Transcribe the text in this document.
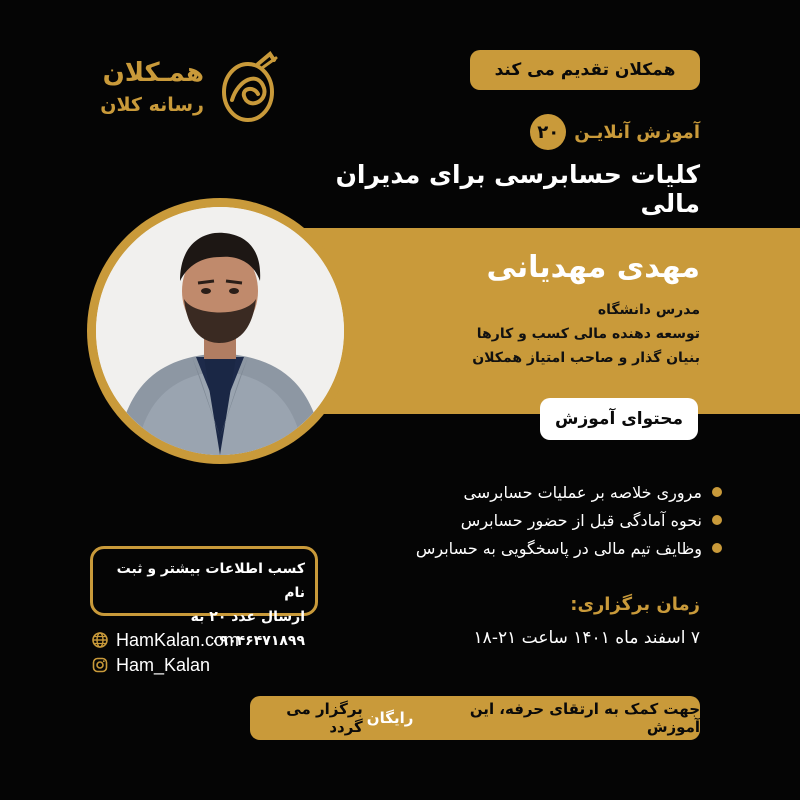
همـکلان
رسانه کلان
همکلان تقدیم می کند
آموزش آنلایـن
۲۰
کلیات حسابرسی برای مدیران مالی
مهدی مهدیانی
مدرس دانشگاه
توسعه دهنده مالی کسب و کارها
بنیان گذار و صاحب امتیاز همکلان
محتوای آموزش
مروری خلاصه بر عملیات حسابرسی
نحوه آمادگی قبل از حضور حسابرس
وظایف تیم مالی در پاسخگویی به حسابرس
کسب اطلاعات بیشتر و ثبت نام
ارسال عدد ۲۰ به ۰۹۰۴۶۴۷۱۸۹۹
HamKalan.com
Ham_Kalan
زمان برگزاری:
۷ اسفند ماه ۱۴۰۱ ساعت ۲۱-۱۸
جهت کمک به ارتقای حرفه، این آموزش
رایگان
برگزار می گردد
